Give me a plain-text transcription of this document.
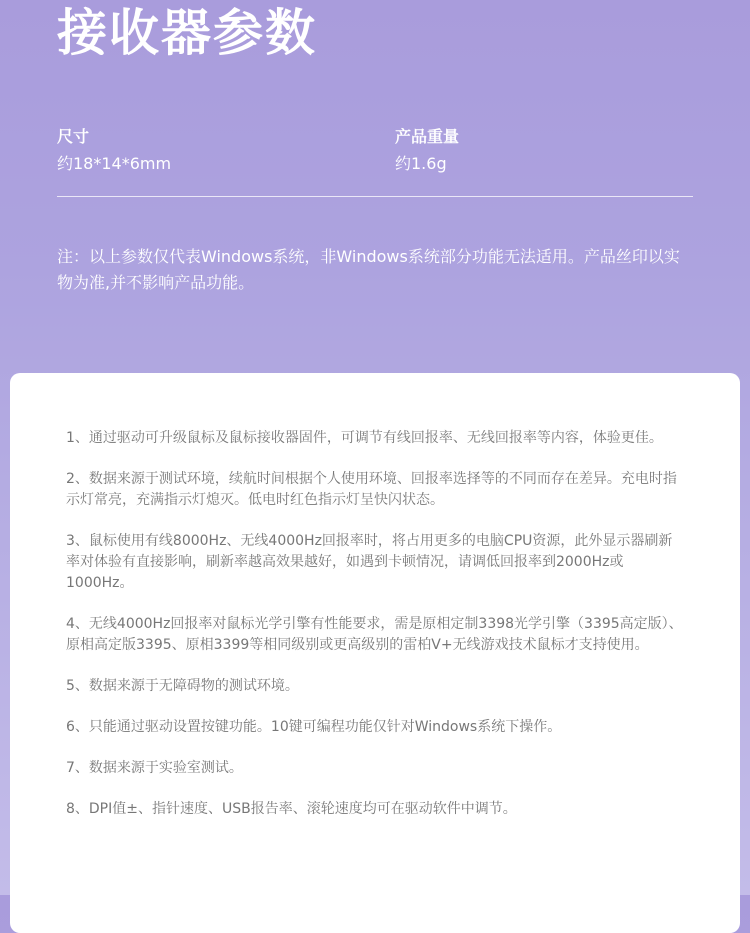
接收器参数
尺寸
约18*14*6mm
产品重量
约1.6g

注：以上参数仅代表Windows系统，非Windows系统部分功能无法适用。产品丝印以实物为准,并不影响产品功能。

1、通过驱动可升级鼠标及鼠标接收器固件，可调节有线回报率、无线回报率等内容，体验更佳。
2、数据来源于测试环境，续航时间根据个人使用环境、回报率选择等的不同而存在差异。充电时指示灯常亮，充满指示灯熄灭。低电时红色指示灯呈快闪状态。
3、鼠标使用有线8000Hz、无线4000Hz回报率时，将占用更多的电脑CPU资源，此外显示器刷新率对体验有直接影响，刷新率越高效果越好，如遇到卡顿情况，请调低回报率到2000Hz或1000Hz。
4、无线4000Hz回报率对鼠标光学引擎有性能要求，需是原相定制3398光学引擎（3395高定版）、原相高定版3395、原相3399等相同级别或更高级别的雷柏V+无线游戏技术鼠标才支持使用。
5、数据来源于无障碍物的测试环境。
6、只能通过驱动设置按键功能。10键可编程功能仅针对Windows系统下操作。
7、数据来源于实验室测试。
8、DPI值±、指针速度、USB报告率、滚轮速度均可在驱动软件中调节。
